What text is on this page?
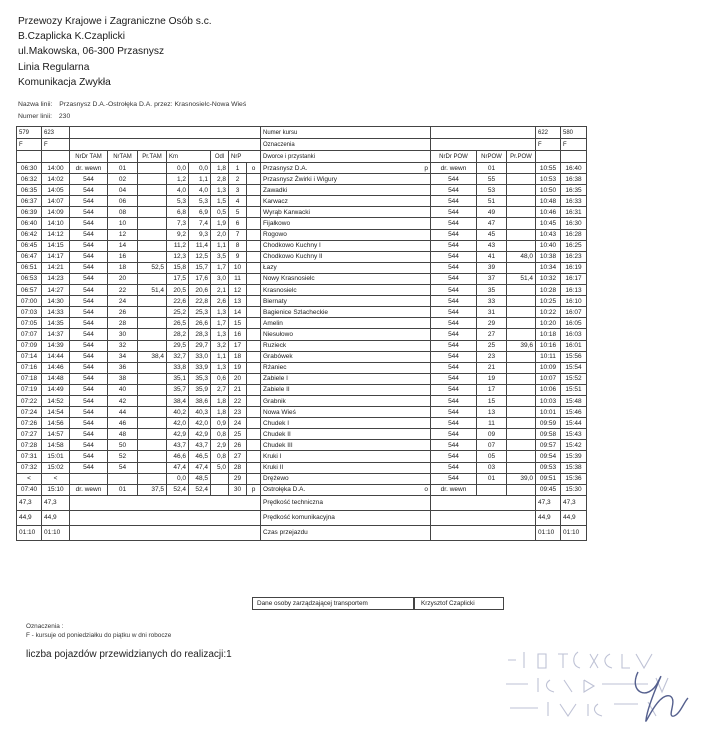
Przewozy Krajowe i Zagraniczne Osób s.c.
B.Czaplicka K.Czaplicki
ul.Makowska, 06-300 Przasnysz
Linia Regularna
Komunikacja Zwykła
Nazwa linii: Przasnysz D.A.-Ostrołęka D.A. przez: Krasnosielc-Nowa Wieś
Numer linii: 230
579	623									Numer kursu				622	580
F	F									Oznaczenia				F	F
		NrDr TAM	NrTAM	Pr.TAM	Km		Odl	NrP		Dworce i przystanki	NrDr POW	NrPOW	Pr.POW		
06:30	14:00	dr. wewn	01		0,0	0,0	1,8	1	o	Przasnysz D.A. p	dr. wewn	01		10:55	16:40
06:32	14:02	544	02		1,2	1,1	2,8	2		Przasnysz Żwirki i Wigury	544	55		10:53	16:38
06:35	14:05	544	04		4,0	4,0	1,3	3		Zawadki	544	53		10:50	16:35
06:37	14:07	544	06		5,3	5,3	1,5	4		Karwacz	544	51		10:48	16:33
06:39	14:09	544	08		6,8	6,9	0,5	5		Wyrąb Karwacki	544	49		10:46	16:31
06:40	14:10	544	10		7,3	7,4	1,9	6		Fijałkowo	544	47		10:45	16:30
06:42	14:12	544	12		9,2	9,3	2,0	7		Rogowo	544	45		10:43	16:28
06:45	14:15	544	14		11,2	11,4	1,1	8		Chodkowo Kuchny I	544	43		10:40	16:25
06:47	14:17	544	16		12,3	12,5	3,5	9		Chodkowo Kuchny II	544	41	48,0	10:38	16:23
06:51	14:21	544	18	52,5	15,8	15,7	1,7	10		Łazy	544	39		10:34	16:19
06:53	14:23	544	20		17,5	17,6	3,0	11		Nowy Krasnosielc	544	37	51,4	10:32	16:17
06:57	14:27	544	22	51,4	20,5	20,6	2,1	12		Krasnosielc	544	35		10:28	16:13
07:00	14:30	544	24		22,6	22,8	2,6	13		Biernaty	544	33		10:25	16:10
07:03	14:33	544	26		25,2	25,3	1,3	14		Bagienice Szlacheckie	544	31		10:22	16:07
07:05	14:35	544	28		26,5	26,6	1,7	15		Amelin	544	29		10:20	16:05
07:07	14:37	544	30		28,2	28,3	1,3	16		Niesułowo	544	27		10:18	16:03
07:09	14:39	544	32		29,5	29,7	3,2	17		Ruzieck	544	25	39,6	10:16	16:01
07:14	14:44	544	34	38,4	32,7	33,0	1,1	18		Grabówek	544	23		10:11	15:56
07:16	14:46	544	36		33,8	33,9	1,3	19		Rżaniec	544	21		10:09	15:54
07:18	14:48	544	38		35,1	35,3	0,6	20		Zabiele I	544	19		10:07	15:52
07:19	14:49	544	40		35,7	35,9	2,7	21		Zabiele II	544	17		10:06	15:51
07:22	14:52	544	42		38,4	38,6	1,8	22		Grabnik	544	15		10:03	15:48
07:24	14:54	544	44		40,2	40,3	1,8	23		Nowa Wieś	544	13		10:01	15:46
07:26	14:56	544	46		42,0	42,0	0,9	24		Chudek I	544	11		09:59	15:44
07:27	14:57	544	48		42,9	42,9	0,8	25		Chudek II	544	09		09:58	15:43
07:28	14:58	544	50		43,7	43,7	2,9	26		Chudek III	544	07		09:57	15:42
07:31	15:01	544	52		46,6	46,5	0,8	27		Kruki I	544	05		09:54	15:39
07:32	15:02	544	54		47,4	47,4	5,0	28		Kruki II	544	03		09:53	15:38
<	<				0,0	48,5		29		Drężewo	544	01	39,0	09:51	15:36
07:40	15:10	dr. wewn	01	37,5	52,4	52,4		30	p	Ostrołęka D.A. o	dr. wewn			09:45	15:30
47,3	47,3									Prędkość techniczna				47,3	47,3
44,9	44,9									Prędkość komunikacyjna				44,9	44,9
01:10	01:10									Czas przejazdu				01:10	01:10
Dane osoby zarządzającej transportem	Krzysztof Czaplicki
Oznaczenia :
F - kursuje od poniedziałku do piątku w dni robocze
liczba pojazdów przewidzianych do realizacji:1
